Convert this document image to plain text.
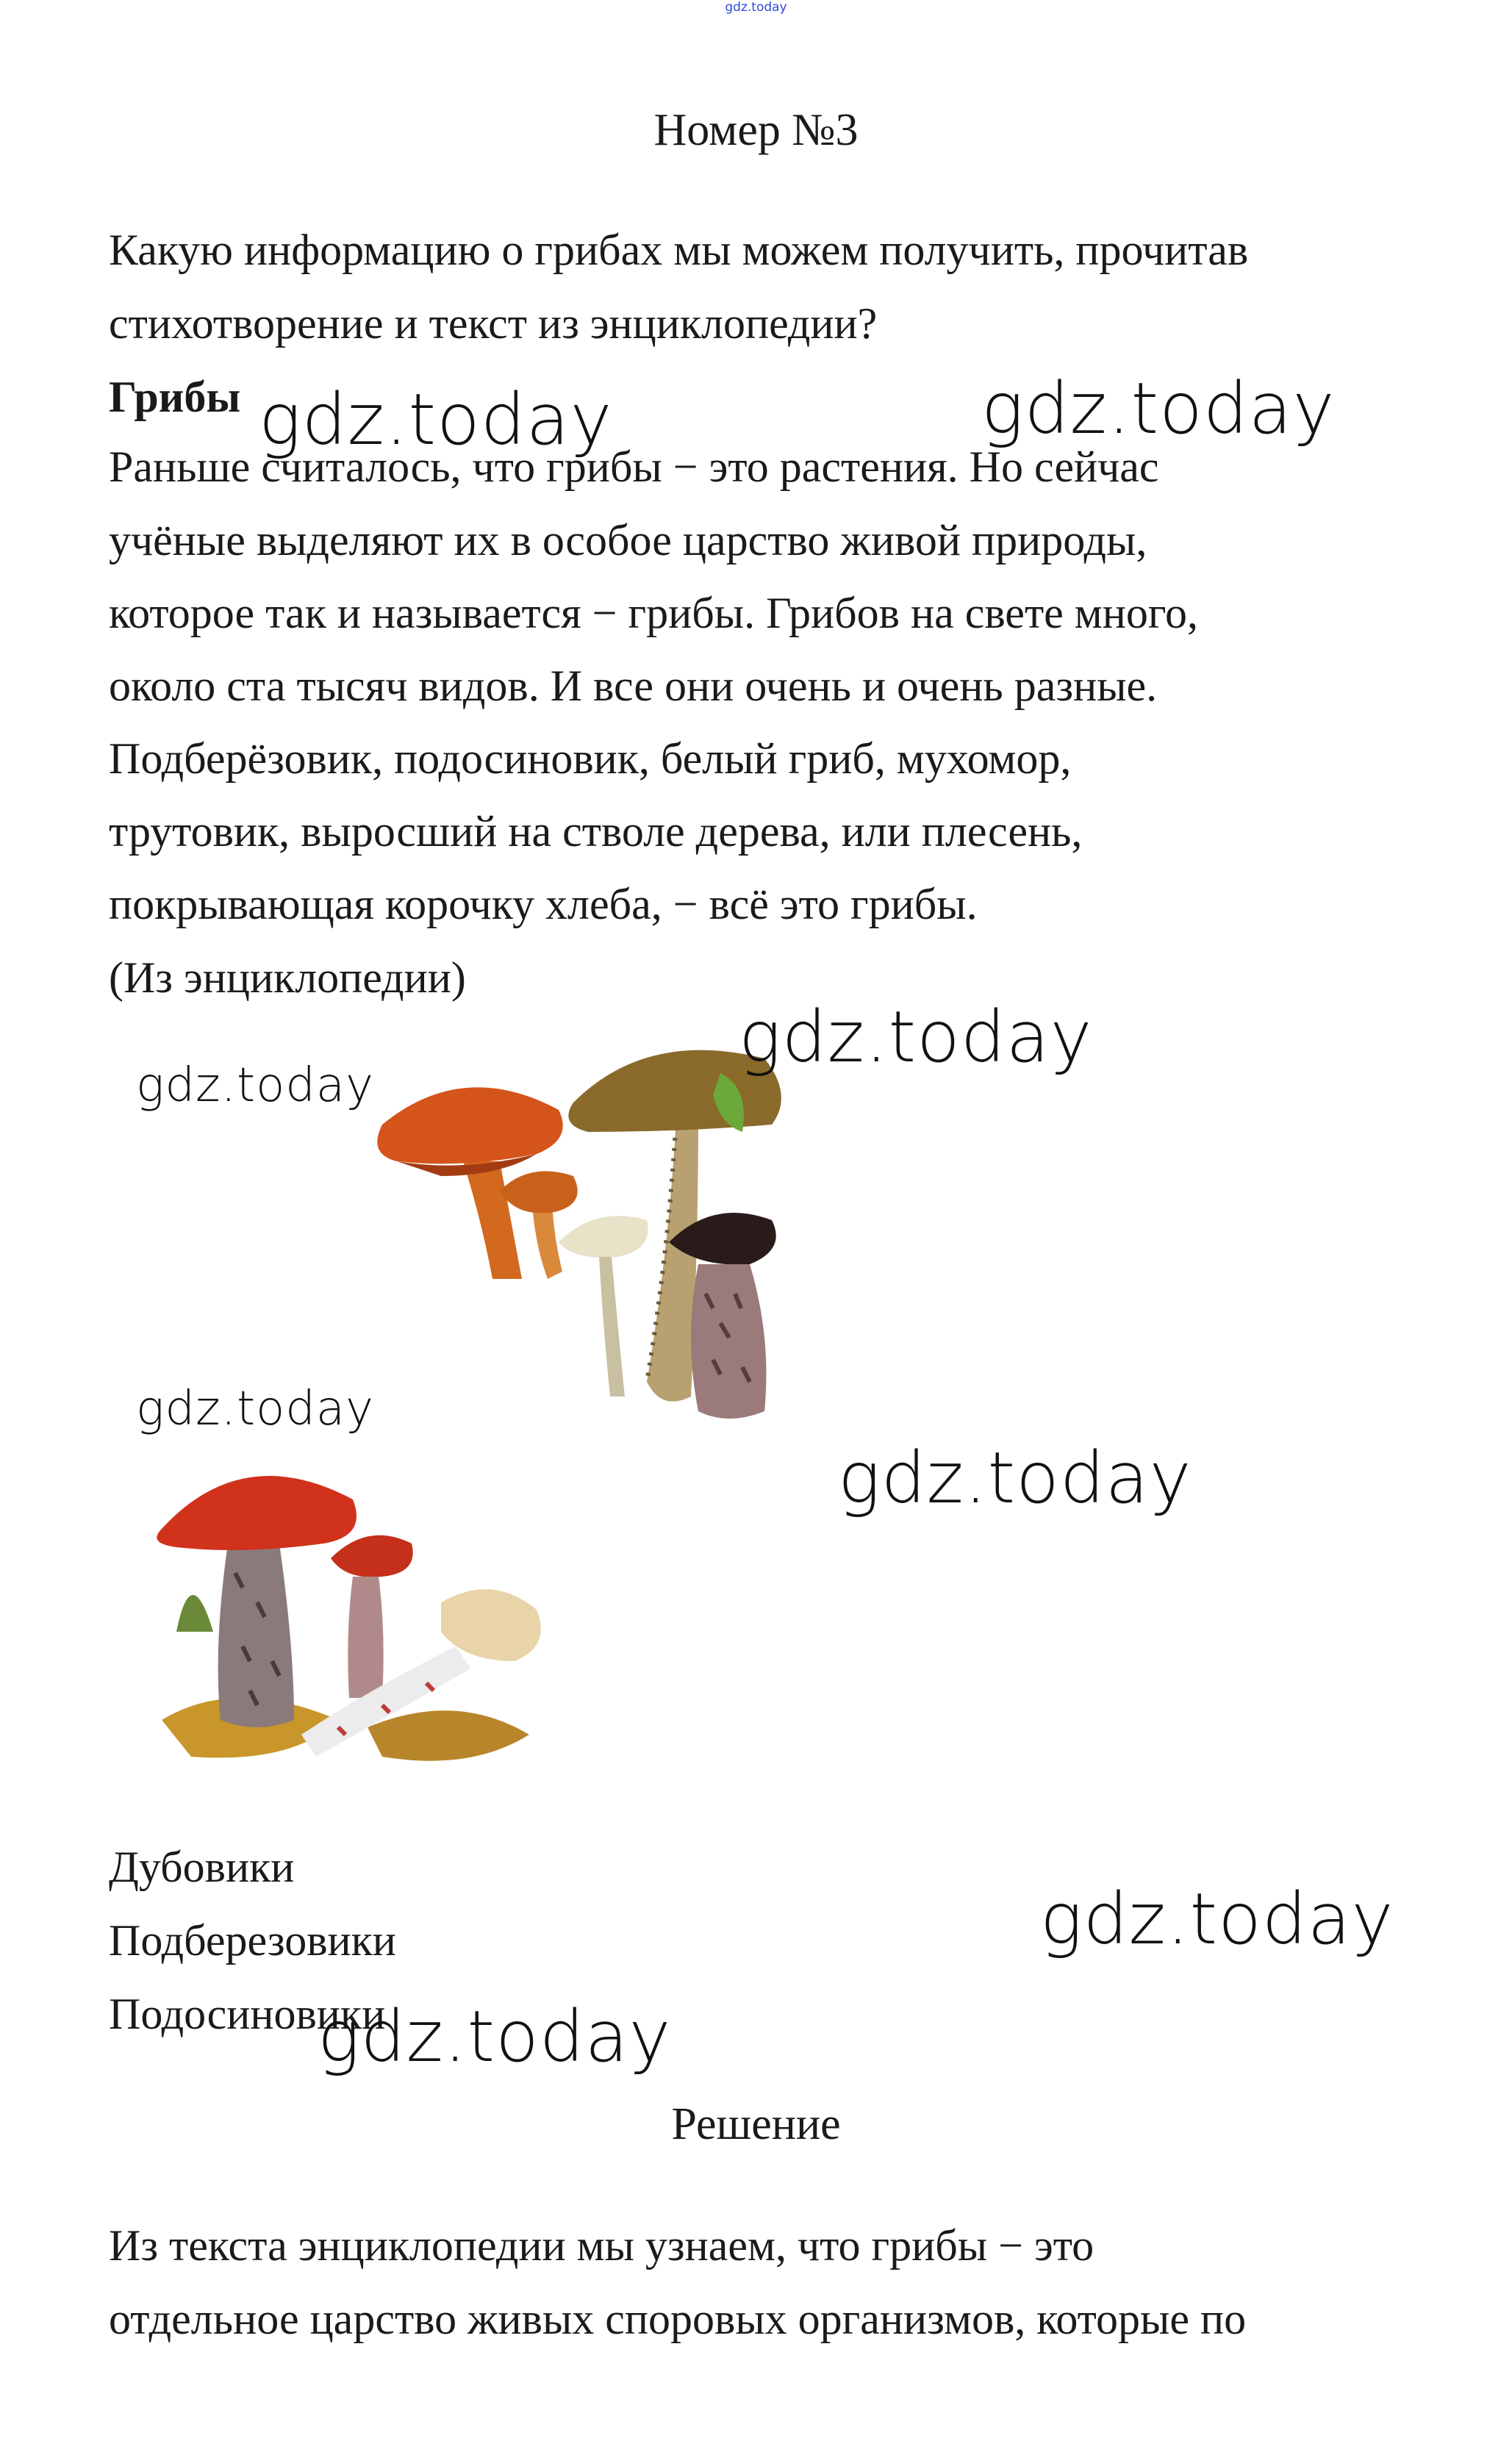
gdz.today
Номер №3
Какую информацию о грибах мы можем получить, прочитав
стихотворение и текст из энциклопедии?
Грибы
Раньше считалось, что грибы − это растения. Но сейчас
учёные выделяют их в особое царство живой природы,
которое так и называется − грибы. Грибов на свете много,
около ста тысяч видов. И все они очень и очень разные.
Подберёзовик, подосиновик, белый гриб, мухомор,
трутовик, выросший на стволе дерева, или плесень,
покрывающая корочку хлеба, − всё это грибы.
(Из энциклопедии)
Дубовики
Подберезовики
Подосиновики
Решение
Из текста энциклопедии мы узнаем, что грибы − это
отдельное царство живых споровых организмов, которые по
gdz.today	gdz.today
gdz.today
gdz.today
gdz.today
gdz.today
gdz.today
gdz.today
